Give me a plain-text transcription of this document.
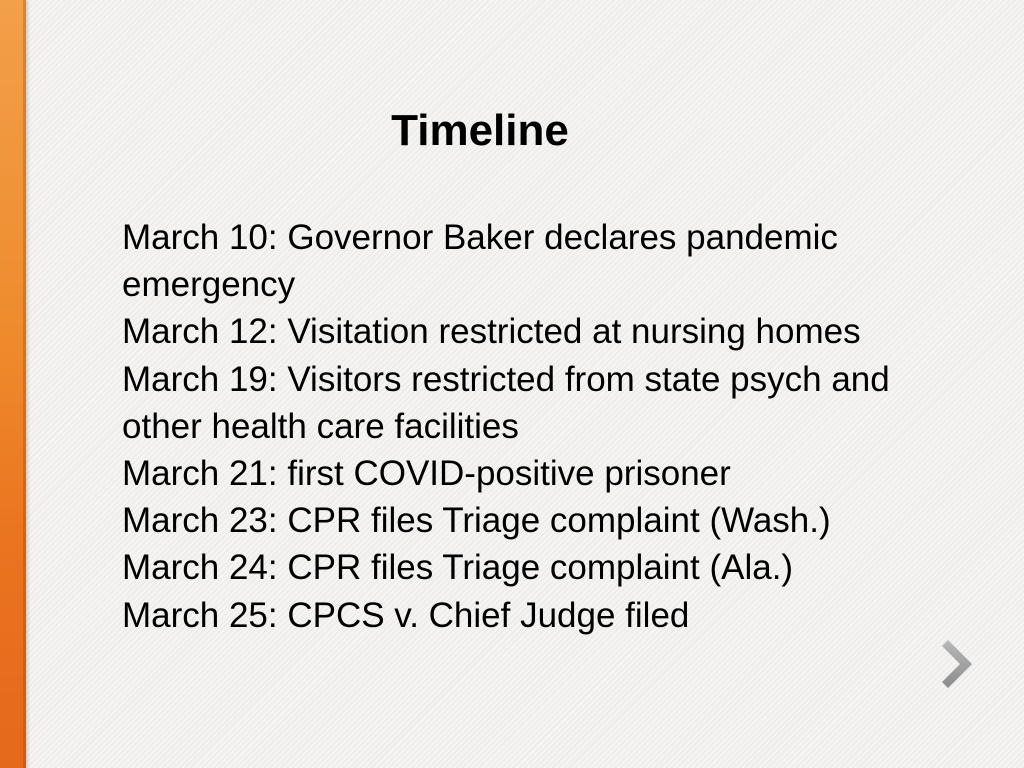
Timeline
March 10: Governor Baker declares pandemic emergency
March 12: Visitation restricted at nursing homes
March 19: Visitors restricted from state psych and other health care facilities
March 21: first COVID-positive prisoner
March 23: CPR files Triage complaint (Wash.)
March 24: CPR files Triage complaint (Ala.)
March 25: CPCS v. Chief Judge filed
